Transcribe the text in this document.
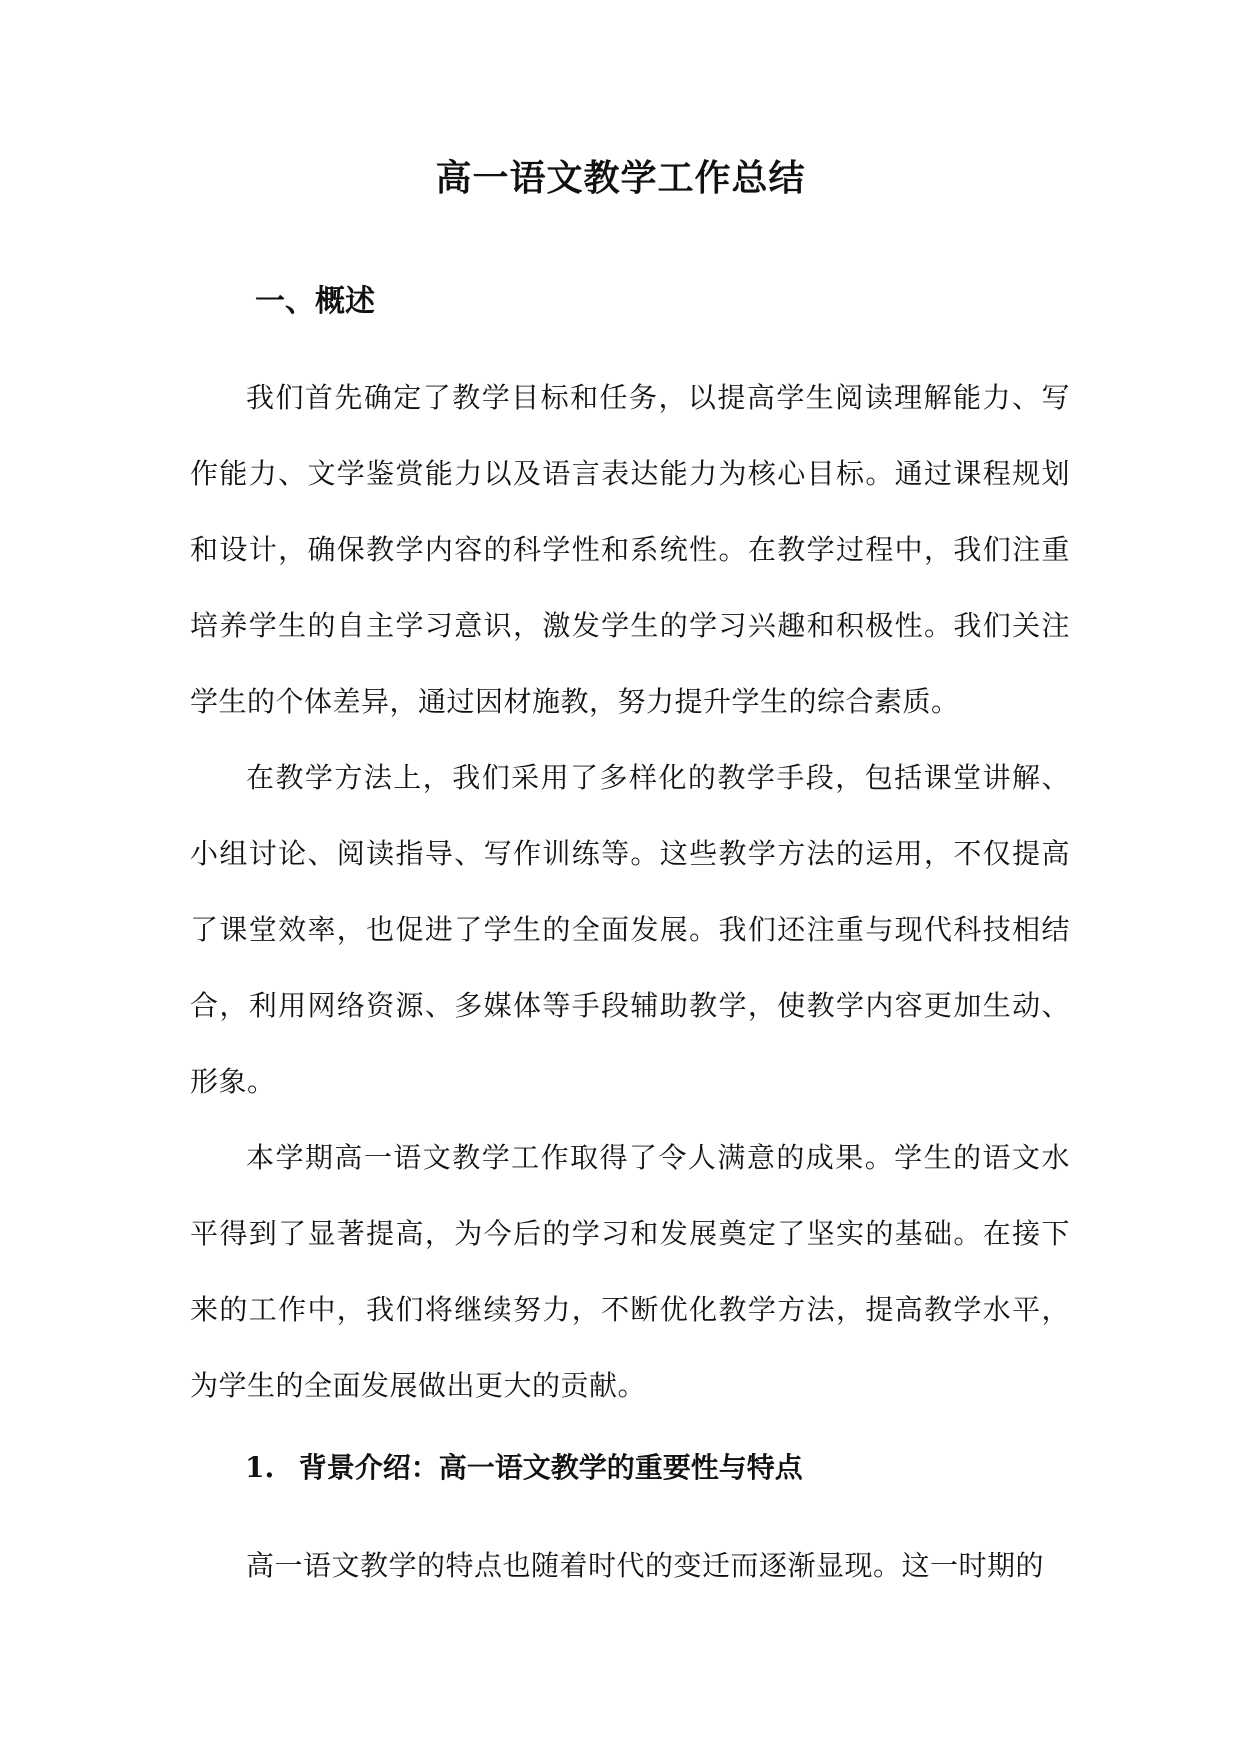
高一语文教学工作总结
一、概述

我们首先确定了教学目标和任务，以提高学生阅读理解能力、写作能力、文学鉴赏能力以及语言表达能力为核心目标。通过课程规划和设计，确保教学内容的科学性和系统性。在教学过程中，我们注重培养学生的自主学习意识，激发学生的学习兴趣和积极性。我们关注学生的个体差异，通过因材施教，努力提升学生的综合素质。

在教学方法上，我们采用了多样化的教学手段，包括课堂讲解、小组讨论、阅读指导、写作训练等。这些教学方法的运用，不仅提高了课堂效率，也促进了学生的全面发展。我们还注重与现代科技相结合，利用网络资源、多媒体等手段辅助教学，使教学内容更加生动、形象。

本学期高一语文教学工作取得了令人满意的成果。学生的语文水平得到了显著提高，为今后的学习和发展奠定了坚实的基础。在接下来的工作中，我们将继续努力，不断优化教学方法，提高教学水平，为学生的全面发展做出更大的贡献。

1. 背景介绍：高一语文教学的重要性与特点

高一语文教学的特点也随着时代的变迁而逐渐显现。这一时期的
